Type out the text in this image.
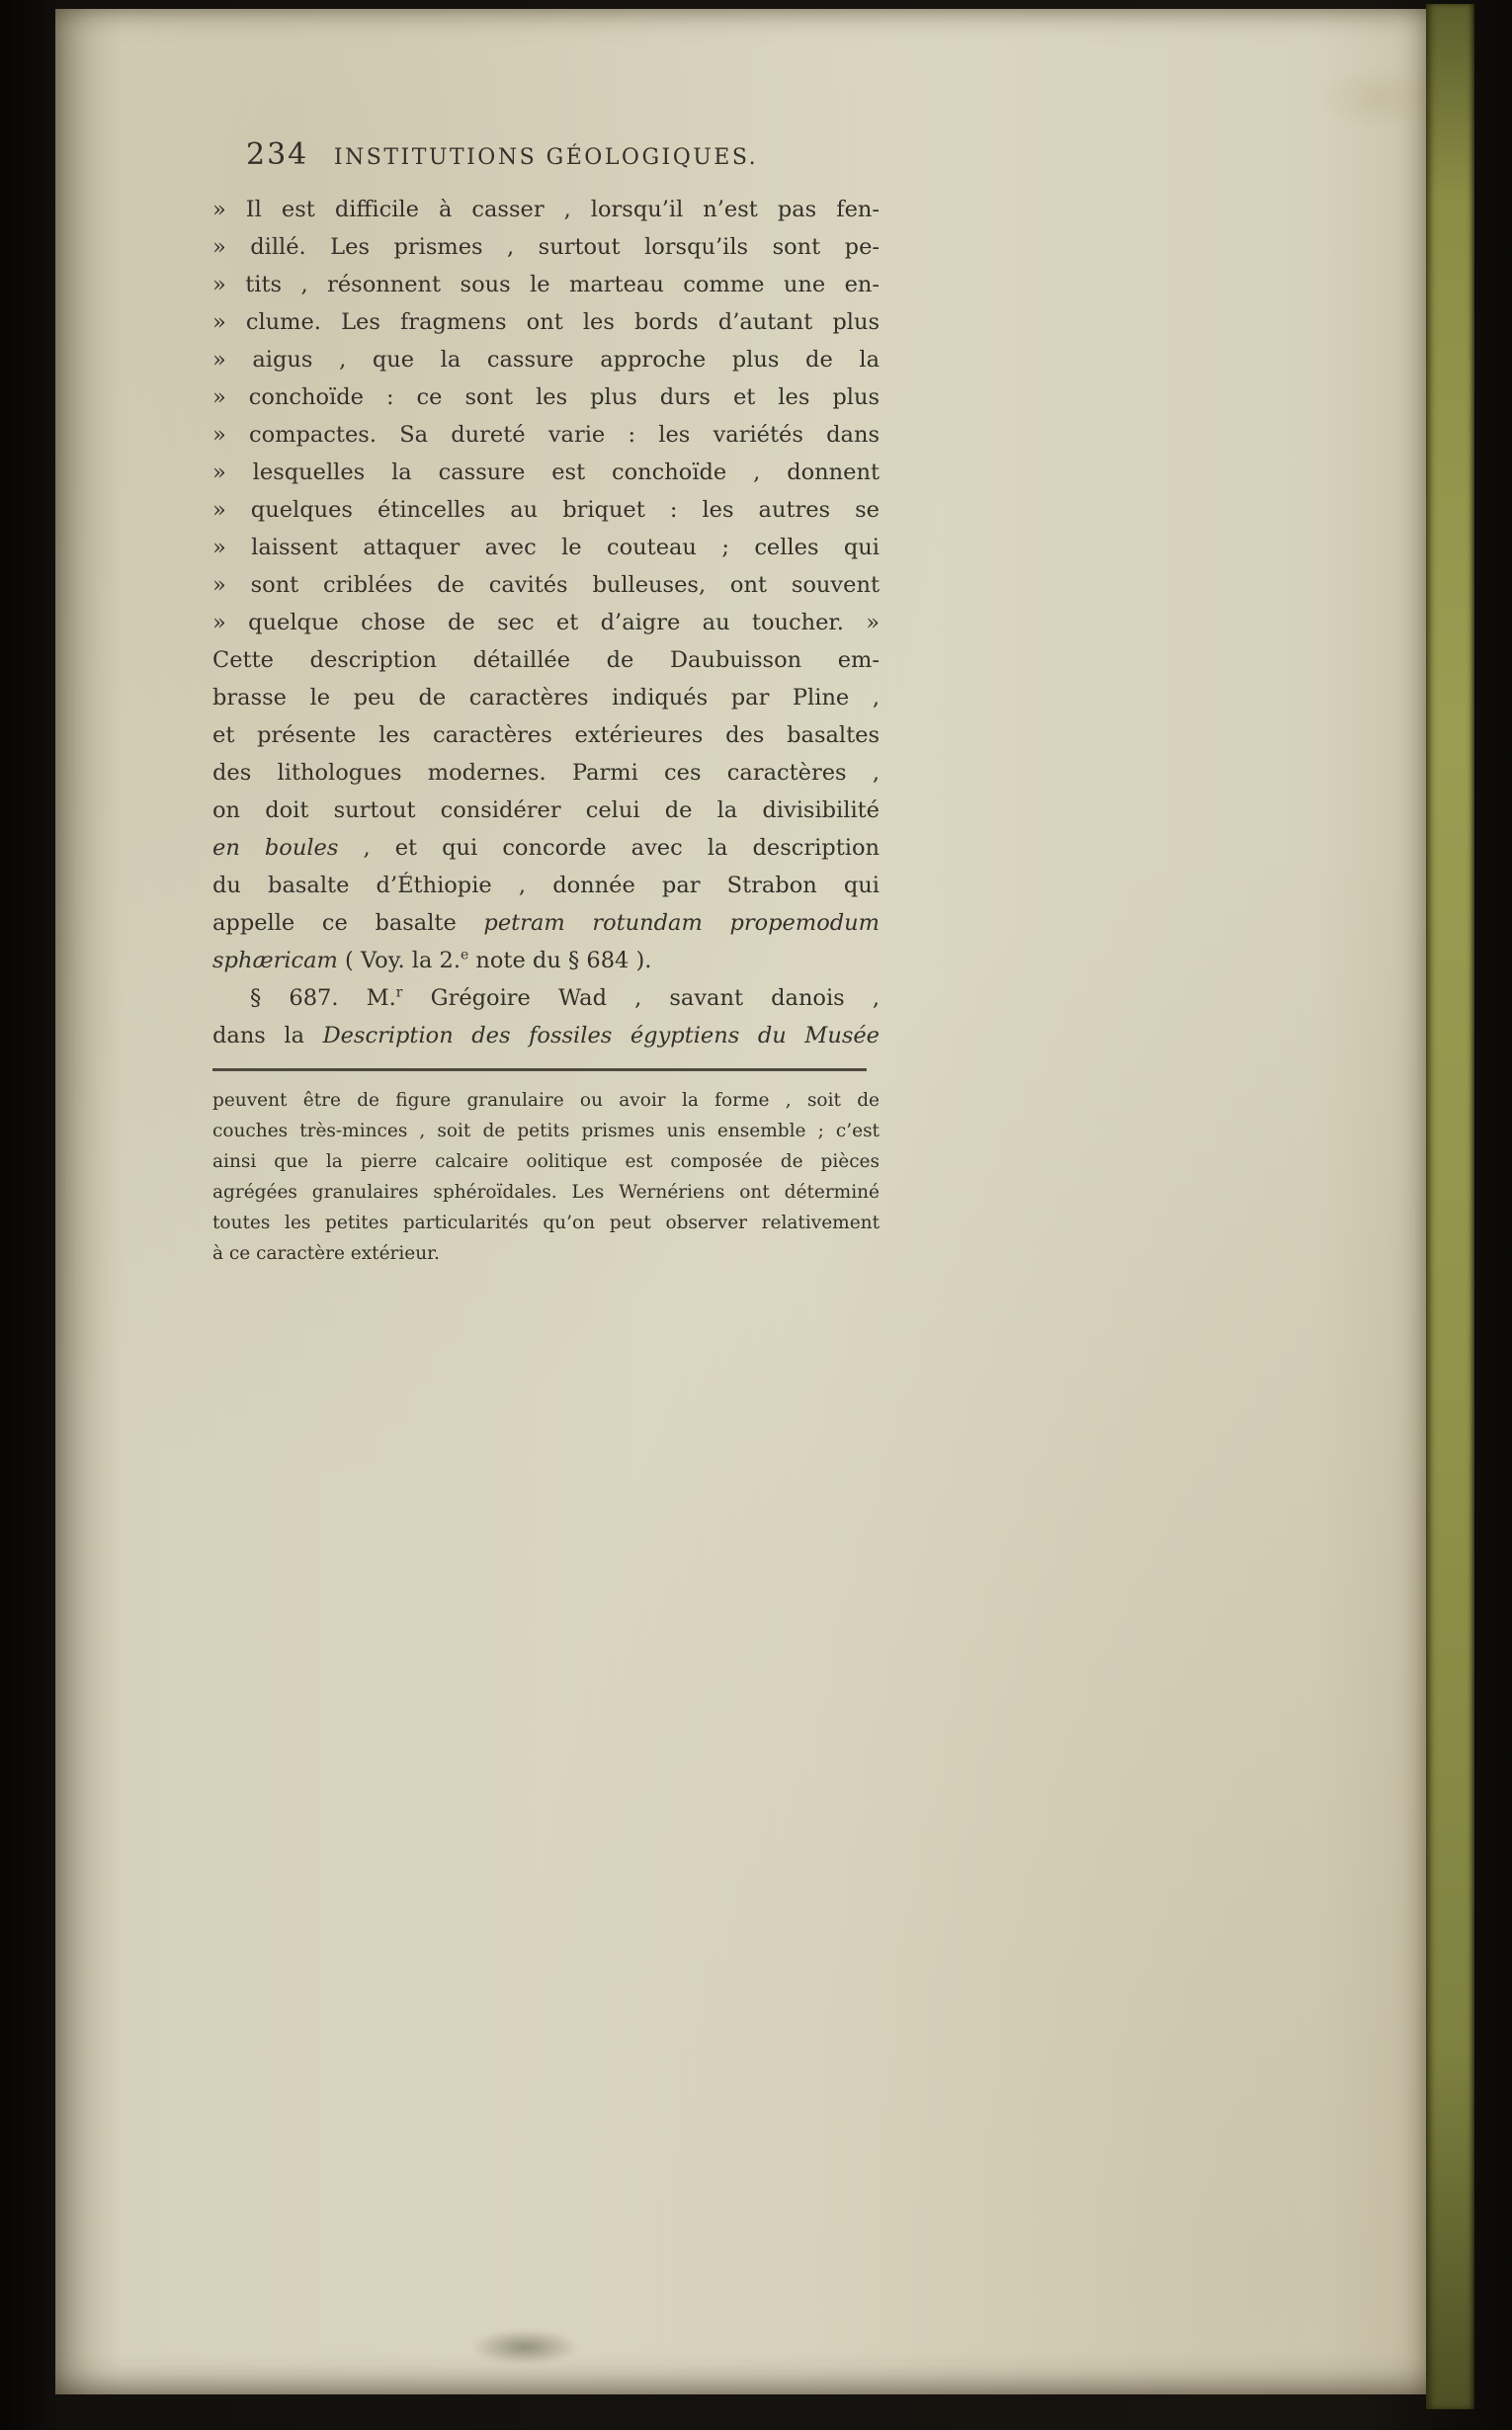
234	INSTITUTIONS GÉOLOGIQUES.
» Il est difficile à casser , lorsqu’il n’est pas fen-
» dillé. Les prismes , surtout lorsqu’ils sont pe-
» tits , résonnent sous le marteau comme une en-
» clume. Les fragmens ont les bords d’autant plus
» aigus , que la cassure approche plus de la
» conchoïde : ce sont les plus durs et les plus
» compactes. Sa dureté varie : les variétés dans
» lesquelles la cassure est conchoïde , donnent
» quelques étincelles au briquet : les autres se
» laissent attaquer avec le couteau ; celles qui
» sont criblées de cavités bulleuses, ont souvent
» quelque chose de sec et d’aigre au toucher. »
Cette description détaillée de Daubuisson em-
brasse le peu de caractères indiqués par Pline ,
et présente les caractères extérieures des basaltes
des lithologues modernes. Parmi ces caractères ,
on doit surtout considérer celui de la divisibilité
en boules , et qui concorde avec la description
du basalte d’Éthiopie , donnée par Strabon qui
appelle ce basalte petram rotundam propemodum
sphæricam ( Voy. la 2.$^e$ note du § 684 ).
§ 687. M.$^r$ Grégoire Wad , savant danois ,
dans la Description des fossiles égyptiens du Musée
peuvent être de figure granulaire ou avoir la forme , soit de
couches très-minces , soit de petits prismes unis ensemble ; c’est
ainsi que la pierre calcaire oolitique est composée de pièces
agrégées granulaires sphéroïdales. Les Wernériens ont déterminé
toutes les petites particularités qu’on peut observer relativement
à ce caractère extérieur.
